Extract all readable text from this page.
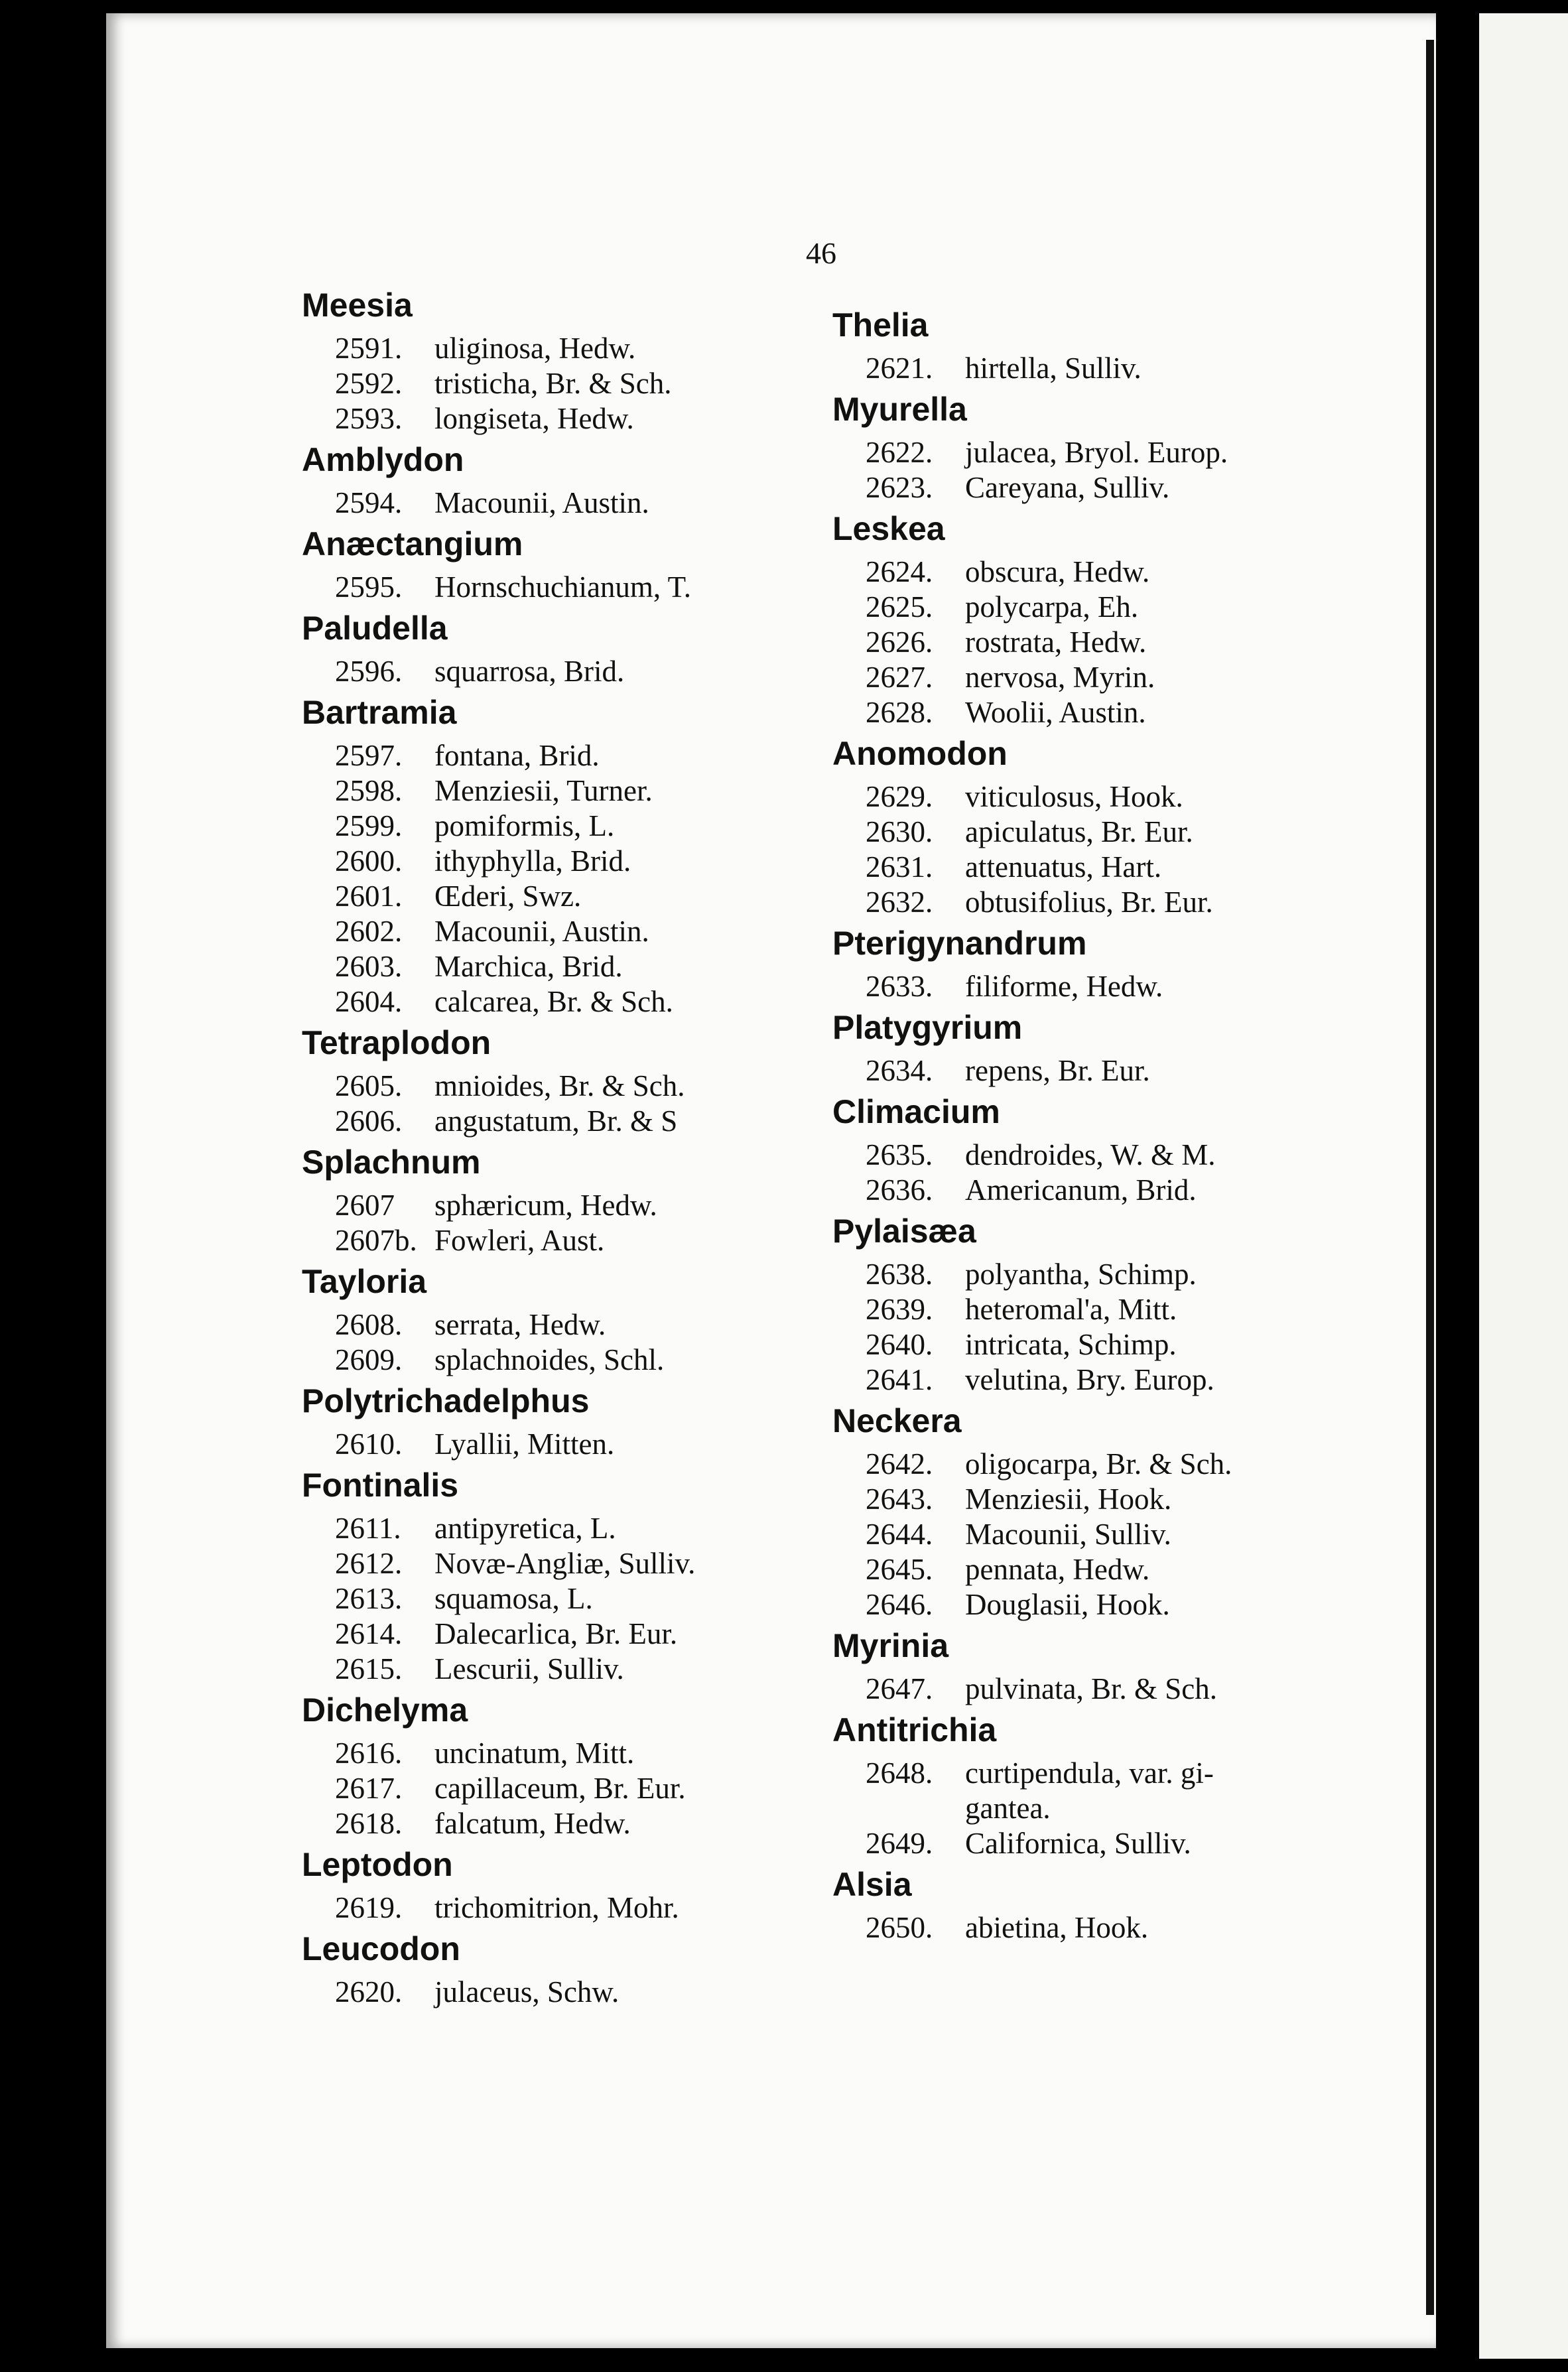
46
Meesia
2591.	uliginosa, Hedw.
2592.	tristicha, Br. & Sch.
2593.	longiseta, Hedw.
Amblydon
2594.	Macounii, Austin.
Anæctangium
2595.	Hornschuchianum, T.
Paludella
2596.	squarrosa, Brid.
Bartramia
2597.	fontana, Brid.
2598.	Menziesii, Turner.
2599.	pomiformis, L.
2600.	ithyphylla, Brid.
2601.	Œderi, Swz.
2602.	Macounii, Austin.
2603.	Marchica, Brid.
2604.	calcarea, Br. & Sch.
Tetraplodon
2605.	mnioides, Br. & Sch.
2606.	angustatum, Br. & S
Splachnum
2607	sphæricum, Hedw.
2607b. Fowleri, Aust.
Tayloria
2608.	serrata, Hedw.
2609.	splachnoides, Schl.
Polytrichadelphus
2610.	Lyallii, Mitten.
Fontinalis
2611.	antipyretica, L.
2612.	Novæ-Angliæ, Sulliv.
2613.	squamosa, L.
2614.	Dalecarlica, Br. Eur.
2615.	Lescurii, Sulliv.
Dichelyma
2616.	uncinatum, Mitt.
2617.	capillaceum, Br. Eur.
2618.	falcatum, Hedw.
Leptodon
2619.	trichomitrion, Mohr.
Leucodon
2620.	julaceus, Schw.
Thelia
2621.	hirtella, Sulliv.
Myurella
2622.	julacea, Bryol. Europ.
2623.	Careyana, Sulliv.
Leskea
2624.	obscura, Hedw.
2625.	polycarpa, Eh.
2626.	rostrata, Hedw.
2627.	nervosa, Myrin.
2628.	Woolii, Austin.
Anomodon
2629.	viticulosus, Hook.
2630.	apiculatus, Br. Eur.
2631.	attenuatus, Hart.
2632.	obtusifolius, Br. Eur.
Pterigynandrum
2633.	filiforme, Hedw.
Platygyrium
2634.	repens, Br. Eur.
Climacium
2635.	dendroides, W. & M.
2636.	Americanum, Brid.
Pylaisæa
2638.	polyantha, Schimp.
2639.	heteromal'a, Mitt.
2640.	intricata, Schimp.
2641.	velutina, Bry. Europ.
Neckera
2642.	oligocarpa, Br. & Sch.
2643.	Menziesii, Hook.
2644.	Macounii, Sulliv.
2645.	pennata, Hedw.
2646.	Douglasii, Hook.
Myrinia
2647.	pulvinata, Br. & Sch.
Antitrichia
2648.	curtipendula, var. gi-
gantea.
2649.	Californica, Sulliv.
Alsia
2650.	abietina, Hook.
